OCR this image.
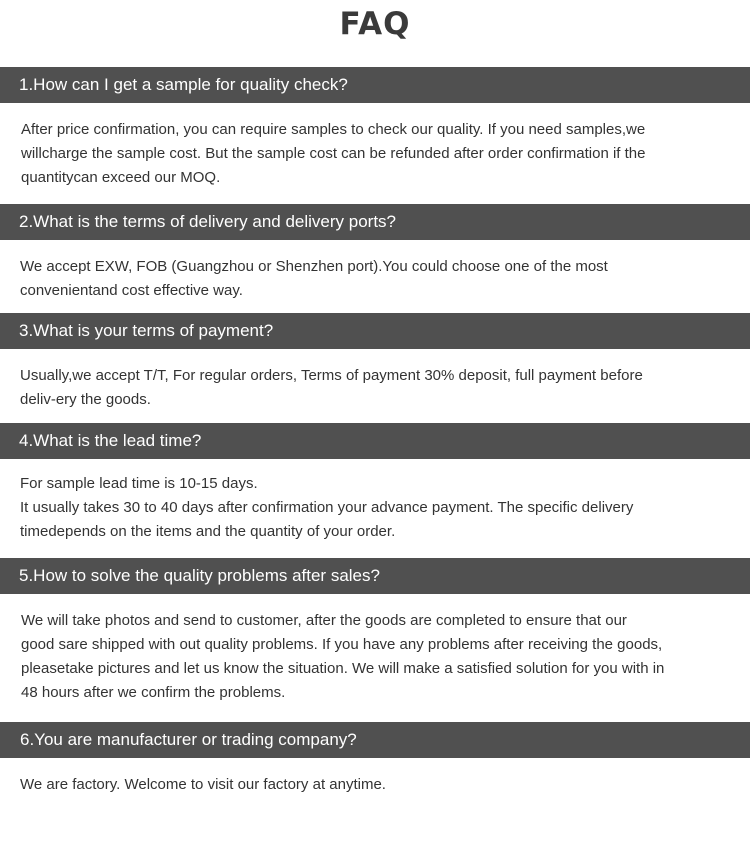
FAQ
1.How can I get a sample for quality check?
After price confirmation, you can require samples to check our quality. If you need samples,we
willcharge the sample cost. But the sample cost can be refunded after order confirmation if the
quantitycan exceed our MOQ.
2.What is the terms of delivery and delivery ports?
We accept EXW, FOB (Guangzhou or Shenzhen port).You could choose one of the most
convenientand cost effective way.
3.What is your terms of payment?
Usually,we accept T/T, For regular orders, Terms of payment 30% deposit, full payment before
deliv-ery the goods.
4.What is the lead time?
For sample lead time is 10-15 days.
It usually takes 30 to 40 days after confirmation your advance payment. The specific delivery
timedepends on the items and the quantity of your order.
5.How to solve the quality problems after sales?
We will take photos and send to customer, after the goods are completed to ensure that our
good sare shipped with out quality problems. If you have any problems after receiving the goods,
pleasetake pictures and let us know the situation. We will make a satisfied solution for you with in
48 hours after we confirm the problems.
6.You are manufacturer or trading company?
We are factory. Welcome to visit our factory at anytime.
